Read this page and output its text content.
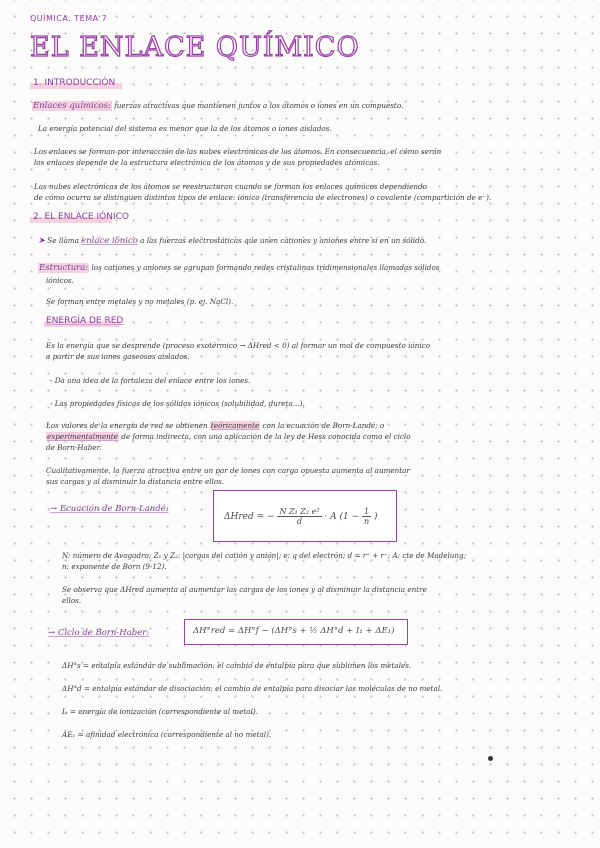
QUÍMICA. TEMA 7
EL ENLACE QUÍMICO
1. INTRODUCCIÓN
Enlaces químicos: fuerzas atractivas que mantienen juntos a los átomos o iones en un compuesto.
La energía potencial del sistema es menor que la de los átomos o iones aislados.
Los enlaces se forman por interacción de las nubes electrónicas de los átomos. En consecuencia, el cómo serán
los enlaces depende de la estructura electrónica de los átomos y de sus propiedades atómicas.
Las nubes electrónicas de los átomos se reestructuran cuando se forman los enlaces químicos dependiendo
de cómo ocurra se distinguen distintos tipos de enlace: iónico (transferencia de electrones) o covalente (compartición de e⁻).
2. EL ENLACE IÓNICO
➤ Se llama enlace iónico a las fuerzas electrostáticas que unen cationes y aniones entre sí en un sólido.
Estructura: los cationes y aniones se agrupan formando redes cristalinas tridimensionales llamadas sólidos
iónicos.
Se forman entre metales y no metales (p. ej. NaCl).
ENERGÍA DE RED
Es la energía que se desprende (proceso exotérmico → ΔHred < 0) al formar un mol de compuesto iónico
a partir de sus iones gaseosos aislados.
- Da una idea de la fortaleza del enlace entre los iones.
- Las propiedades físicas de los sólidos iónicos (solubilidad, dureta...).
Los valores de la energía de red se obtienen teóricamente con la ecuación de Born-Landé; o
experimentalmente de forma indirecta, con una aplicación de la ley de Hess conocida como el ciclo
de Born-Haber.
Cualitativamente, la fuerza atractiva entre un par de iones con carga opuesta aumenta al aumentar
sus cargas y al disminuir la distancia entre ellos.
→ Ecuación de Born-Landé:
ΔHred = − $\frac{\text{N Z₁ Z₂ e²}}{d} \cdot A$ ($1 - \frac{1}{n}$ )
N: número de Avogadro; Z₁ y Z₂: |cargas del catión y anión|; e: q del electrón; d = r⁺ + r⁻; A: cte de Madelung;
n: exponente de Born (9-12).
Se observa que ΔHred aumenta al aumentar las cargas de los iones y al disminuir la distancia entre
ellos.
→ Ciclo de Born-Haber:	ΔH°red = ΔH°f − (ΔH°s + ½ ΔH°d + I₁ + ΔE₁)
ΔH°s = entalpía estándar de sublimación: el cambio de entalpía para que sublimen los metales.
ΔH°d = entalpía estándar de disociación: el cambio de entalpía para disociar las moléculas de no metal.
I₁ = energía de ionización (correspondiente al metal).
AE₁ = afinidad electrónica (correspondiente al no metal).
